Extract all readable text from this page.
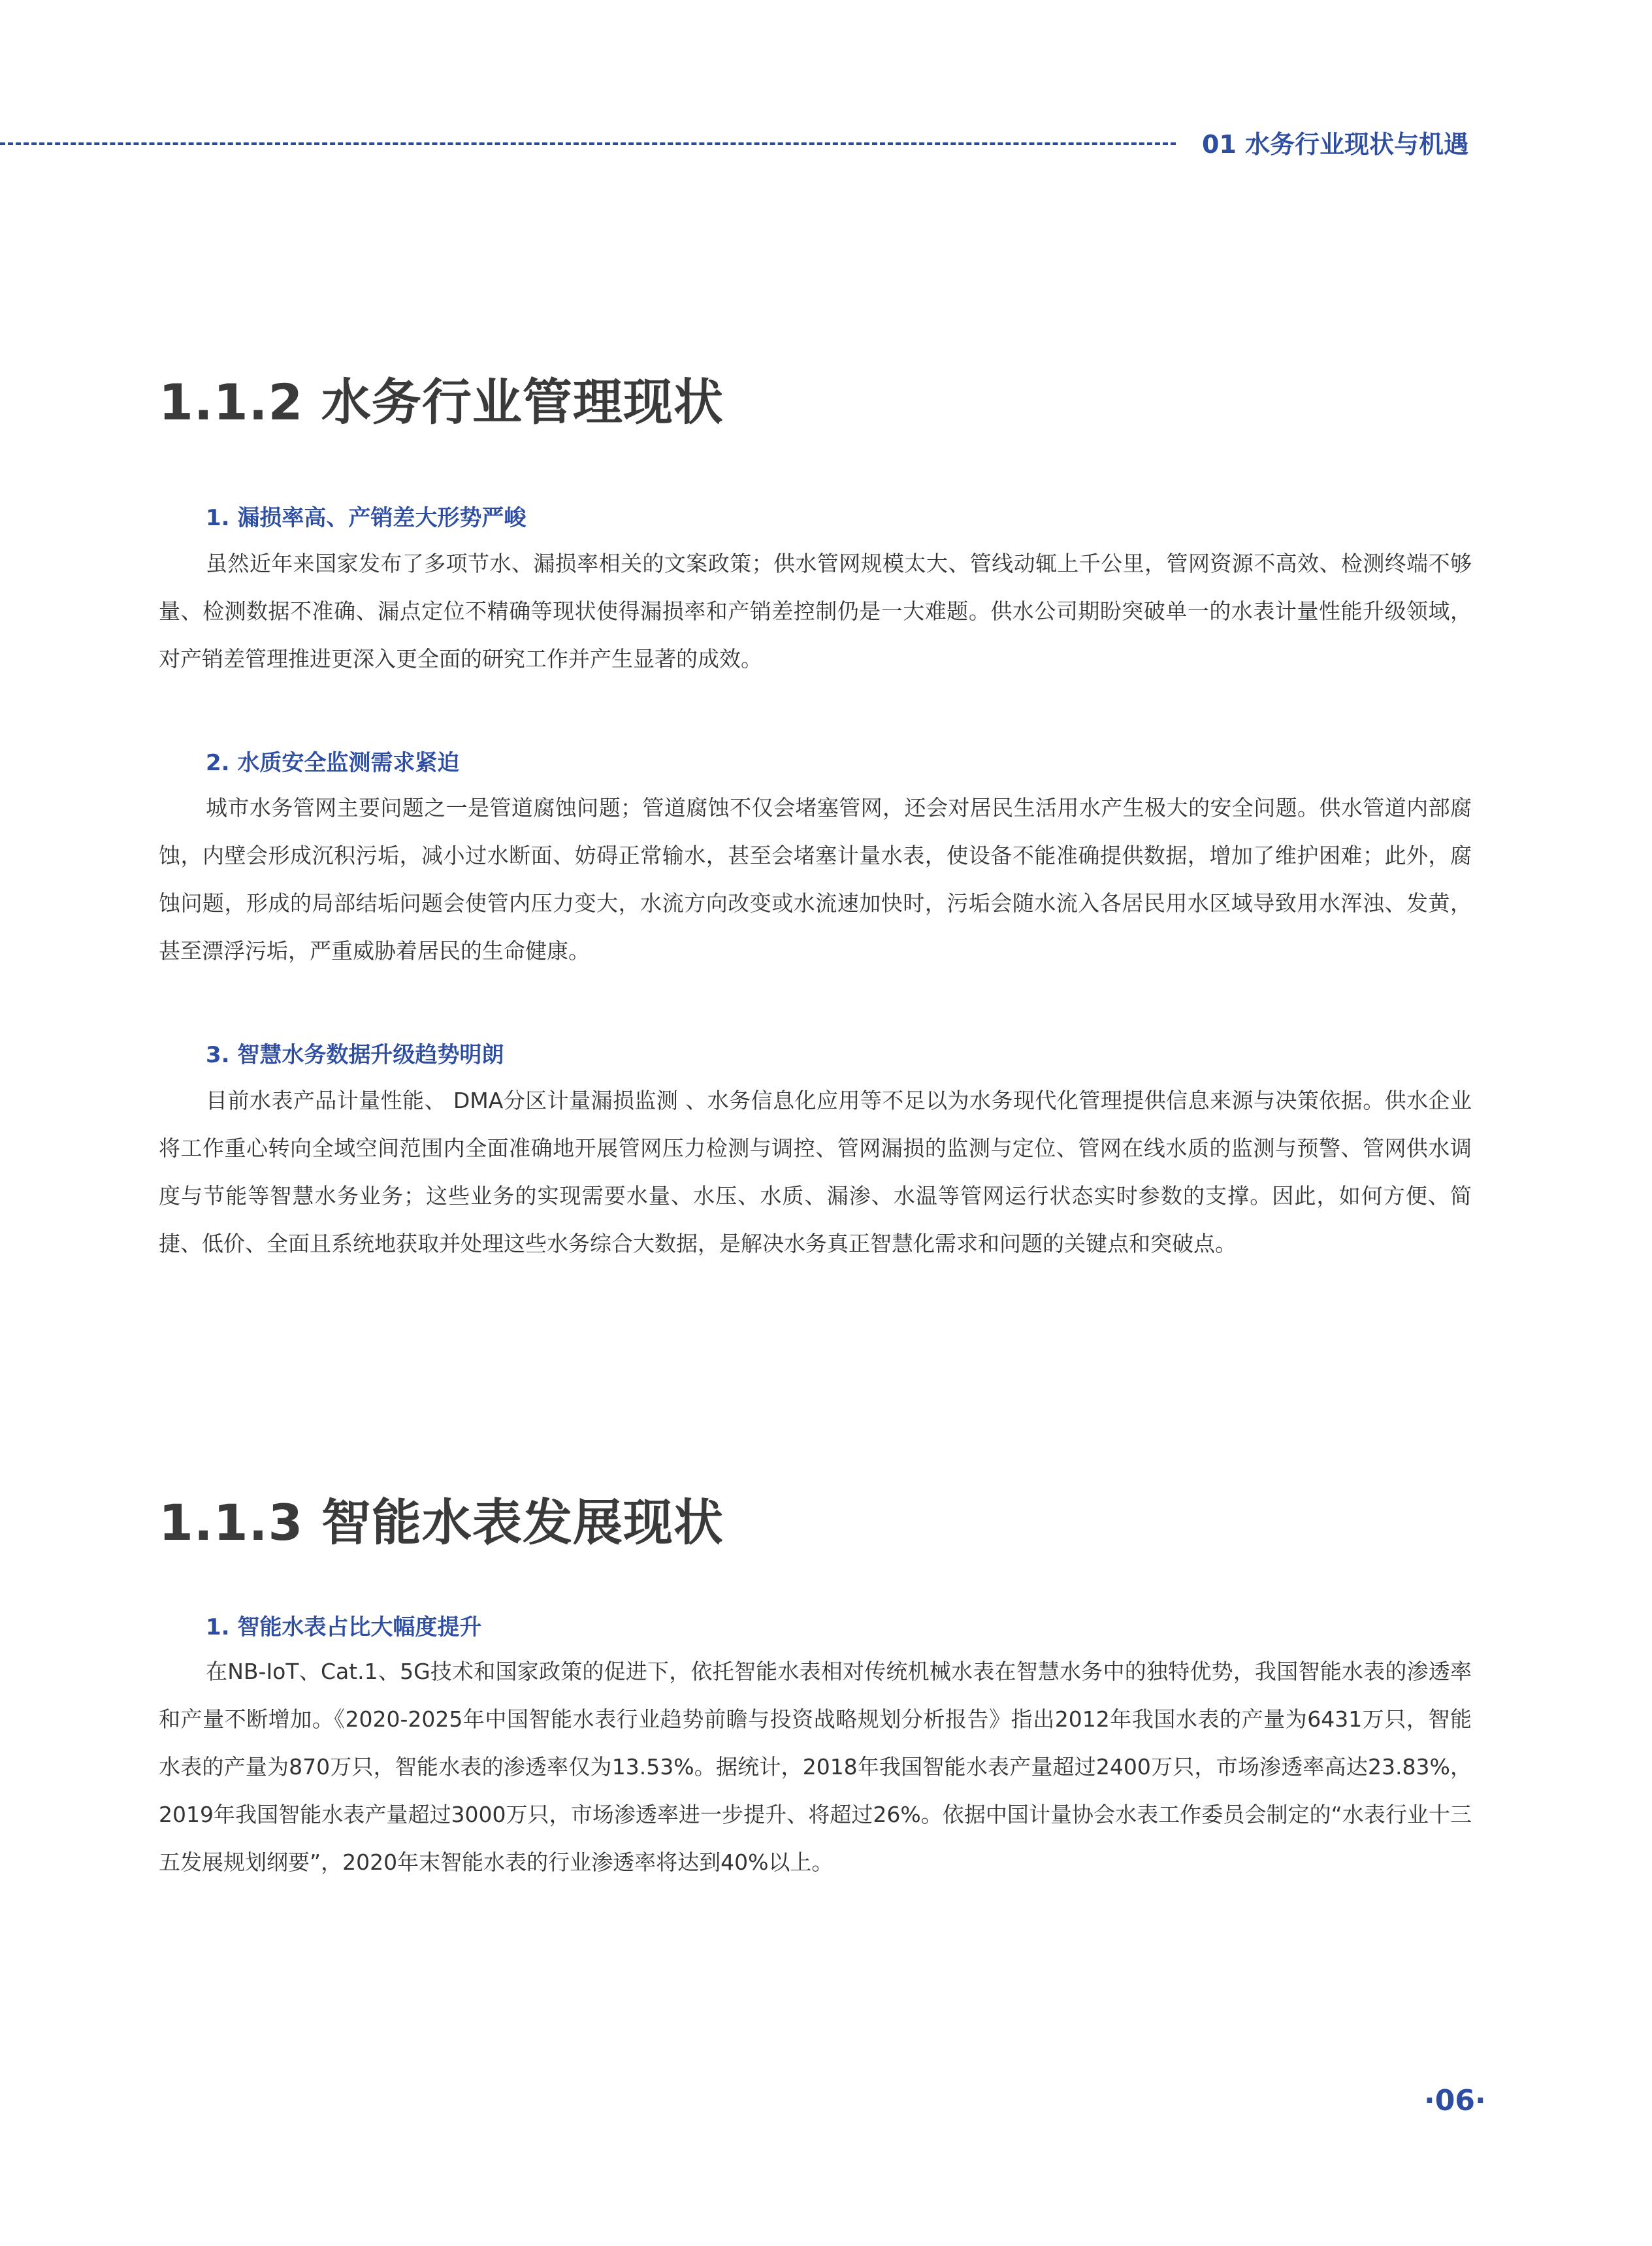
01 水务行业现状与机遇
1.1.2 水务行业管理现状
1. 漏损率高、产销差大形势严峻
虽然近年来国家发布了多项节水、漏损率相关的文案政策；供水管网规模太大、管线动辄上千公里，管网资源不高效、检测终端不够量、检测数据不准确、漏点定位不精确等现状使得漏损率和产销差控制仍是一大难题。供水公司期盼突破单一的水表计量性能升级领域，对产销差管理推进更深入更全面的研究工作并产生显著的成效。
2. 水质安全监测需求紧迫
城市水务管网主要问题之一是管道腐蚀问题；管道腐蚀不仅会堵塞管网，还会对居民生活用水产生极大的安全问题。供水管道内部腐蚀，内壁会形成沉积污垢，减小过水断面、妨碍正常输水，甚至会堵塞计量水表，使设备不能准确提供数据，增加了维护困难；此外，腐蚀问题，形成的局部结垢问题会使管内压力变大，水流方向改变或水流速加快时，污垢会随水流入各居民用水区域导致用水浑浊、发黄，甚至漂浮污垢，严重威胁着居民的生命健康。
3. 智慧水务数据升级趋势明朗
目前水表产品计量性能、 DMA分区计量漏损监测 、水务信息化应用等不足以为水务现代化管理提供信息来源与决策依据。供水企业将工作重心转向全域空间范围内全面准确地开展管网压力检测与调控、管网漏损的监测与定位、管网在线水质的监测与预警、管网供水调度与节能等智慧水务业务；这些业务的实现需要水量、水压、水质、漏渗、水温等管网运行状态实时参数的支撑。因此，如何方便、简捷、低价、全面且系统地获取并处理这些水务综合大数据，是解决水务真正智慧化需求和问题的关键点和突破点。
1.1.3 智能水表发展现状
1. 智能水表占比大幅度提升
在NB-IoT、Cat.1、5G技术和国家政策的促进下，依托智能水表相对传统机械水表在智慧水务中的独特优势，我国智能水表的渗透率和产量不断增加。《2020-2025年中国智能水表行业趋势前瞻与投资战略规划分析报告》指出2012年我国水表的产量为6431万只，智能水表的产量为870万只，智能水表的渗透率仅为13.53%。据统计，2018年我国智能水表产量超过2400万只，市场渗透率高达23.83%， 2019年我国智能水表产量超过3000万只，市场渗透率进一步提升、将超过26%。依据中国计量协会水表工作委员会制定的“水表行业十三五发展规划纲要”，2020年末智能水表的行业渗透率将达到40%以上。
·06·
